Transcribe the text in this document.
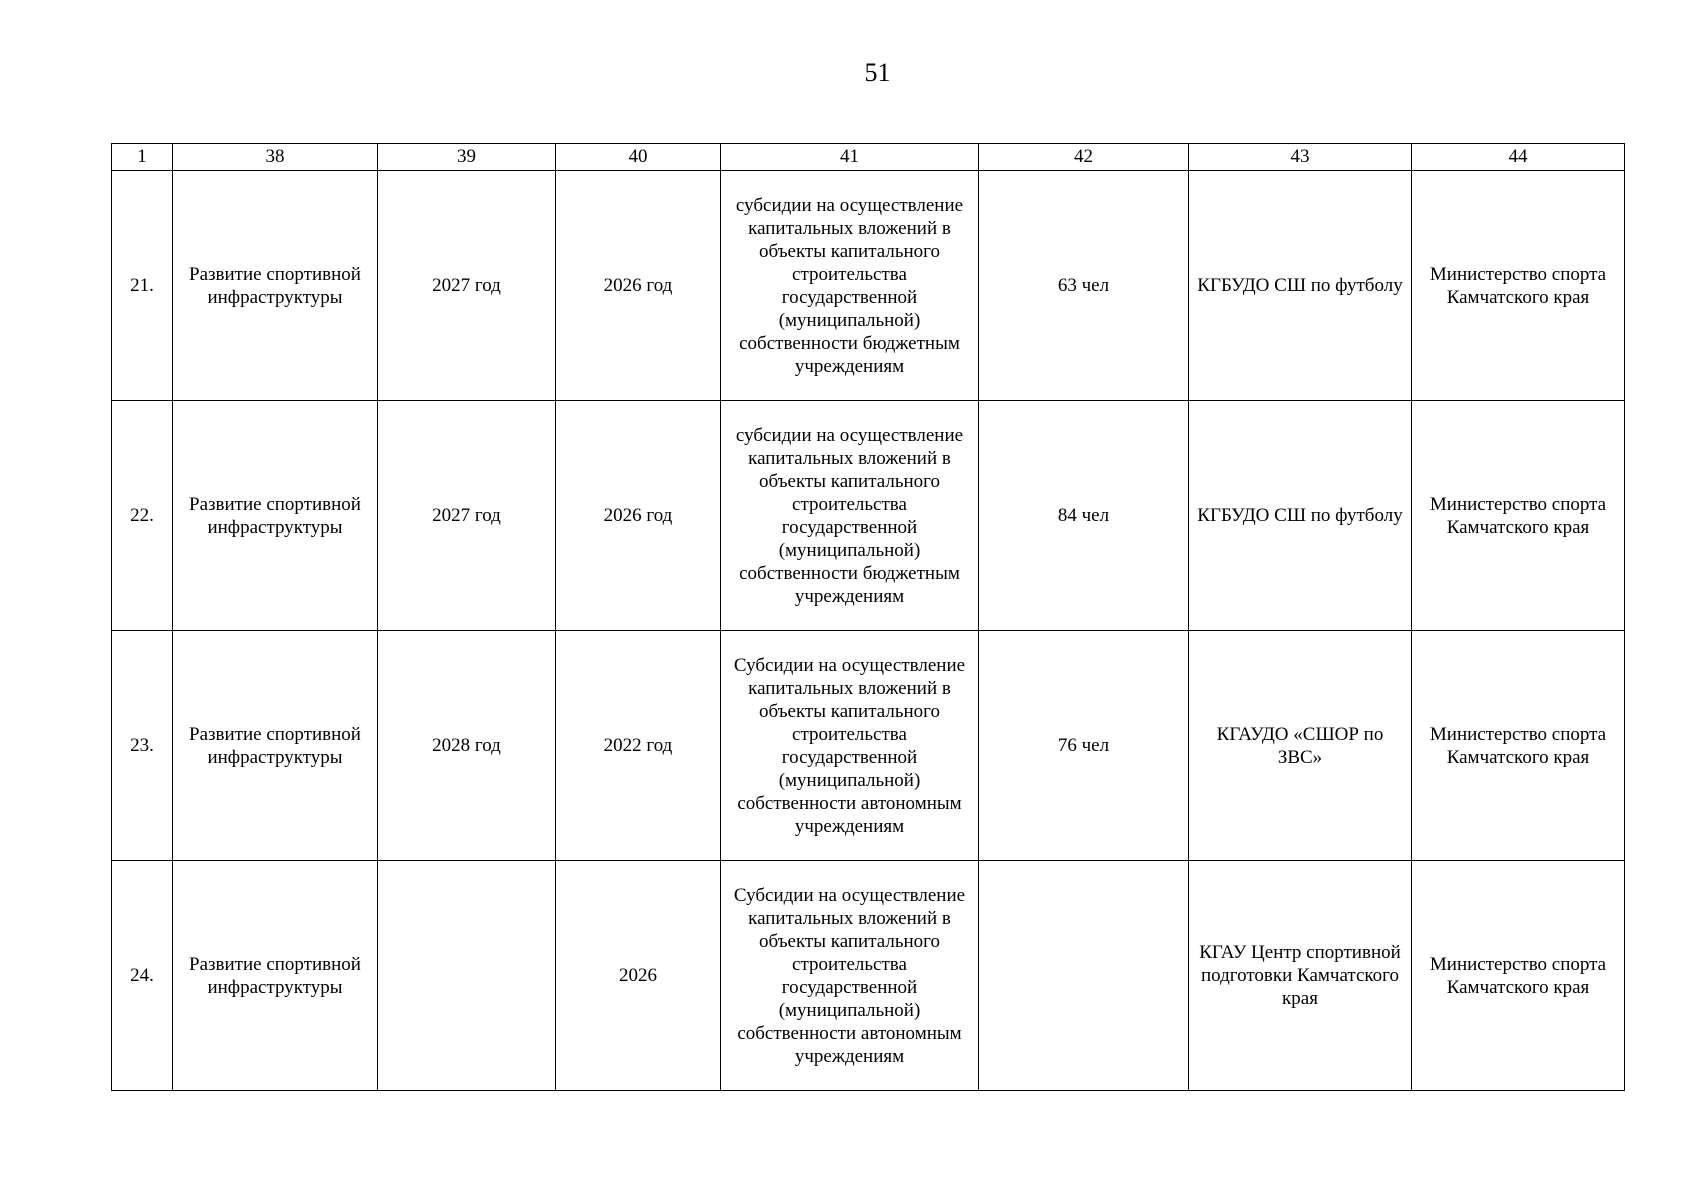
51
1	38	39	40	41	42	43	44
21.	Развитие спортивной инфраструктуры	2027 год	2026 год	субсидии на осуществление капитальных вложений в объекты капитального строительства государственной (муниципальной) собственности бюджетным учреждениям	63 чел	КГБУДО СШ по футболу	Министерство спорта Камчатского края
22.	Развитие спортивной инфраструктуры	2027 год	2026 год	субсидии на осуществление капитальных вложений в объекты капитального строительства государственной (муниципальной) собственности бюджетным учреждениям	84 чел	КГБУДО СШ по футболу	Министерство спорта Камчатского края
23.	Развитие спортивной инфраструктуры	2028 год	2022 год	Субсидии на осуществление капитальных вложений в объекты капитального строительства государственной (муниципальной) собственности автономным учреждениям	76 чел	КГАУДО «СШОР по ЗВС»	Министерство спорта Камчатского края
24.	Развитие спортивной инфраструктуры		2026	Субсидии на осуществление капитальных вложений в объекты капитального строительства государственной (муниципальной) собственности автономным учреждениям		КГАУ Центр спортивной подготовки Камчатского края	Министерство спорта Камчатского края
